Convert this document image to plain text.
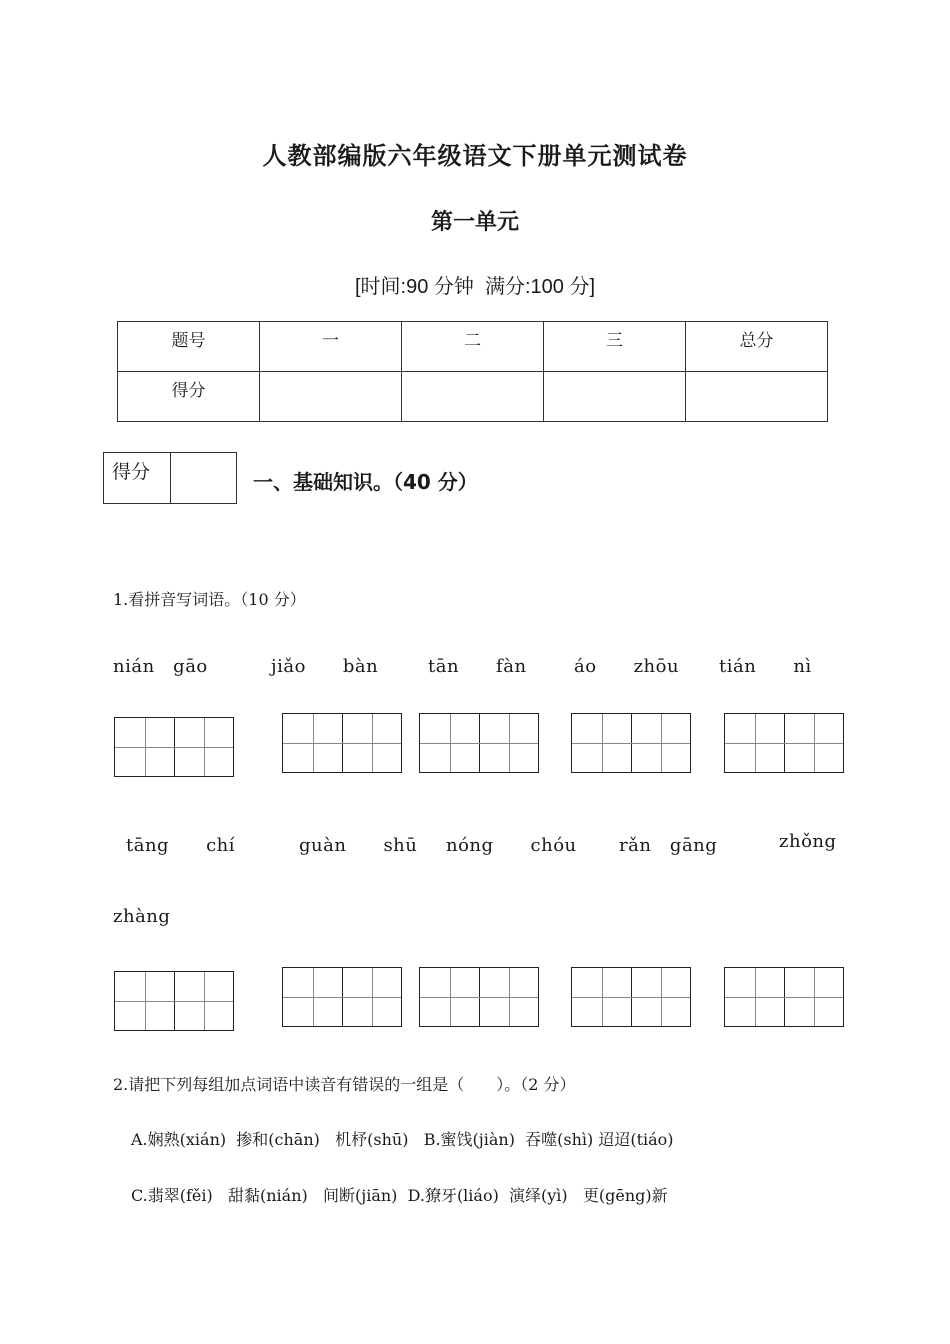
人教部编版六年级语文下册单元测试卷
第一单元
[时间:90 分钟 满分:100 分]
题号	一	二	三	总分
得分				
得分	一、基础知识。（40 分）
1.看拼音写词语。（10 分）
nián　gāo	jiǎo　　bàn	tān　　fàn	áo　　zhōu tián　　nì
tāng　　chí	guàn　　shū nóng　　chóu rǎn　gāng	zhǒng
zhàng
2.请把下列每组加点词语中读音有错误的一组是（　　）。（2 分）
A.娴熟(xián)  掺和(chān)   机杼(shū)   B.蜜饯(jiàn)  吞噬(shì) 迢迢(tiáo)
C.翡翠(fěi)   甜黏(nián)   间断(jiān)  D.獠牙(liáo)  演绎(yì)   更(gēng)新
